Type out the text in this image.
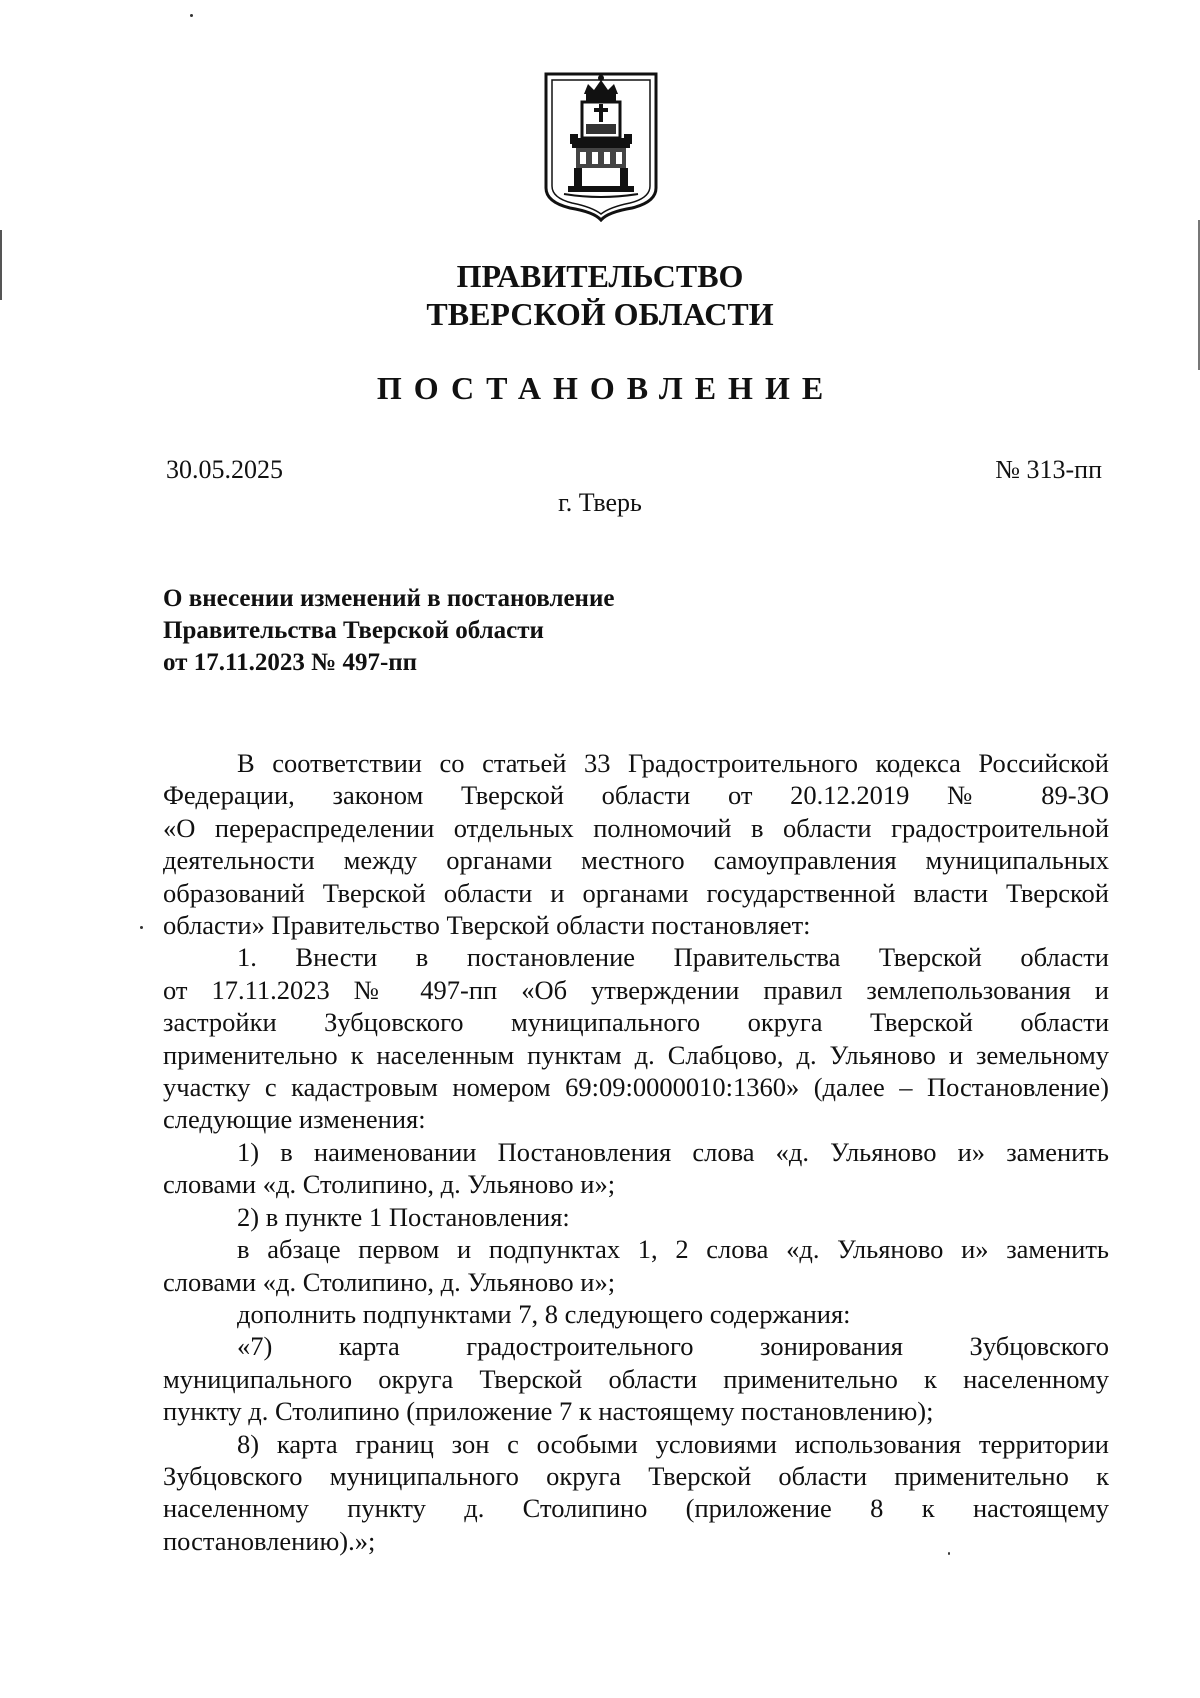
ПРАВИТЕЛЬСТВО
ТВЕРСКОЙ ОБЛАСТИ
ПОСТАНОВЛЕНИЕ
30.05.2025	№ 313-пп
г. Тверь
О внесении изменений в постановление
Правительства Тверской области
от 17.11.2023 № 497-пп
В соответствии со статьей 33 Градостроительного кодекса Российской
Федерации, законом Тверской области от 20.12.2019 № 89-ЗО
«О перераспределении отдельных полномочий в области градостроительной
деятельности между органами местного самоуправления муниципальных
образований Тверской области и органами государственной власти Тверской
области» Правительство Тверской области постановляет:
1. Внести в постановление Правительства Тверской области
от 17.11.2023 № 497-пп «Об утверждении правил землепользования и
застройки Зубцовского муниципального округа Тверской области
применительно к населенным пунктам д. Слабцово, д. Ульяново и земельному
участку с кадастровым номером 69:09:0000010:1360» (далее – Постановление)
следующие изменения:
1) в наименовании Постановления слова «д. Ульяново и» заменить
словами «д. Столипино, д. Ульяново и»;
2) в пункте 1 Постановления:
в абзаце первом и подпунктах 1, 2 слова «д. Ульяново и» заменить
словами «д. Столипино, д. Ульяново и»;
дополнить подпунктами 7, 8 следующего содержания:
«7) карта градостроительного зонирования Зубцовского
муниципального округа Тверской области применительно к населенному
пункту д. Столипино (приложение 7 к настоящему постановлению);
8) карта границ зон с особыми условиями использования территории
Зубцовского муниципального округа Тверской области применительно к
населенному пункту д. Столипино (приложение 8 к настоящему
постановлению).»;
